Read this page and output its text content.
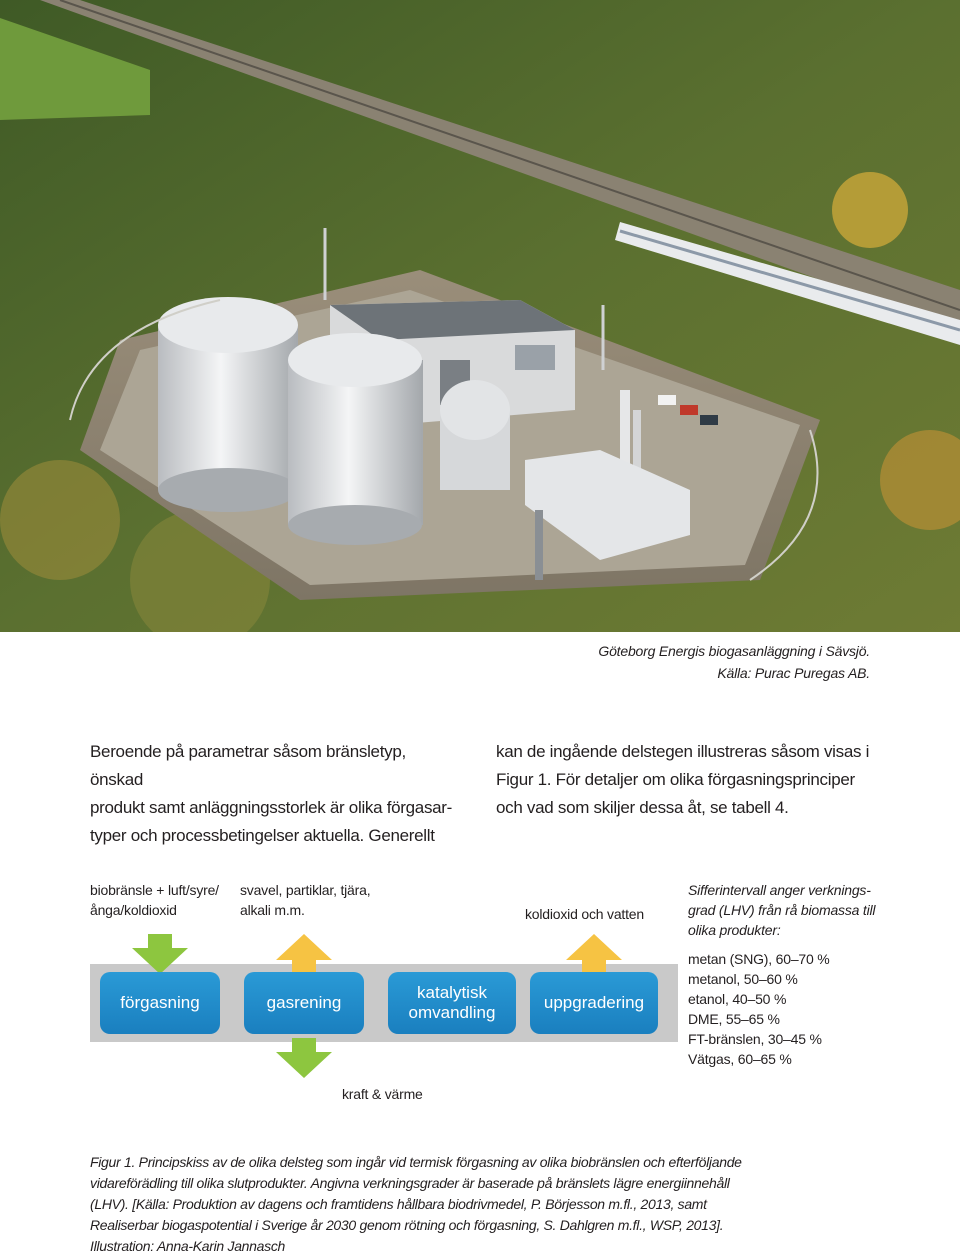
Göteborg Energis biogasanläggning i Sävsjö.
Källa: Purac Puregas AB.
Beroende på parametrar såsom bränsletyp, önskad
produkt samt anläggningsstorlek är olika förgasar-
typer och processbetingelser aktuella. Generellt
kan de ingående delstegen illustreras såsom visas i
Figur 1. För detaljer om olika förgasningsprinciper
och vad som skiljer dessa åt, se tabell 4.
biobränsle + luft/syre/
ånga/koldioxid
svavel, partiklar, tjära,
alkali m.m.	koldioxid och vatten
förgasning	gasrening
katalytisk
omvandling
uppgradering
kraft & värme
Sifferintervall anger verknings-
grad (LHV) från rå biomassa till
olika produkter:
metan (SNG), 60–70 %
metanol, 50–60 %
etanol, 40–50 %
DME, 55–65 %
FT-bränslen, 30–45 %
Vätgas, 60–65 %
Figur 1. Principskiss av de olika delsteg som ingår vid termisk förgasning av olika biobränslen och efterföljande
vidareförädling till olika slutprodukter. Angivna verkningsgrader är baserade på bränslets lägre energiinnehåll
(LHV). [Källa: Produktion av dagens och framtidens hållbara biodrivmedel, P. Börjesson m.fl., 2013, samt
Realiserbar biogaspotential i Sverige år 2030 genom rötning och förgasning, S. Dahlgren m.fl., WSP, 2013].
Illustration: Anna-Karin Jannasch
